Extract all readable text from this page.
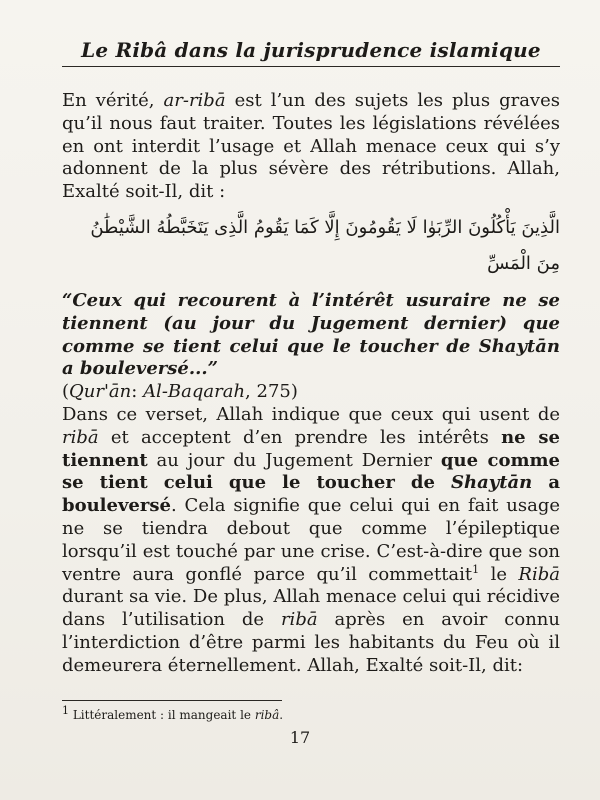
Le Ribâ dans la jurisprudence islamique

En vérité, ar-ribā est l’un des sujets les plus graves qu’il nous faut traiter. Toutes les législations révélées en ont interdit l’usage et Allah menace ceux qui s’y adonnent de la plus sévère des rétributions. Allah, Exalté soit-Il, dit :

الَّذِينَ يَأْكُلُونَ الرِّبَوٰا لَا يَقُومُونَ إِلَّا كَمَا يَقُومُ الَّذِى يَتَخَبَّطُهُ الشَّيْطَٰنُ مِنَ الْمَسِّ
“Ceux qui recourent à l’intérêt usuraire ne se tiennent (au jour du Jugement dernier) que comme se tient celui que le toucher de Shaytān a bouleversé...”
(Qur'ān: Al-Baqarah, 275)

Dans ce verset, Allah indique que ceux qui usent de ribā et acceptent d’en prendre les intérêts ne se tiennent au jour du Jugement Dernier que comme se tient celui que le toucher de Shaytān a bouleversé. Cela signifie que celui qui en fait usage ne se tiendra debout que comme l’épileptique lorsqu’il est touché par une crise. C’est-à-dire que son ventre aura gonflé parce qu’il commettait$^1$ le Ribā durant sa vie. De plus, Allah menace celui qui récidive dans l’utilisation de ribā après en avoir connu l’interdiction d’être parmi les habitants du Feu où il demeurera éternellement. Allah, Exalté soit-Il, dit:

1 Littéralement : il mangeait le ribâ.
17
